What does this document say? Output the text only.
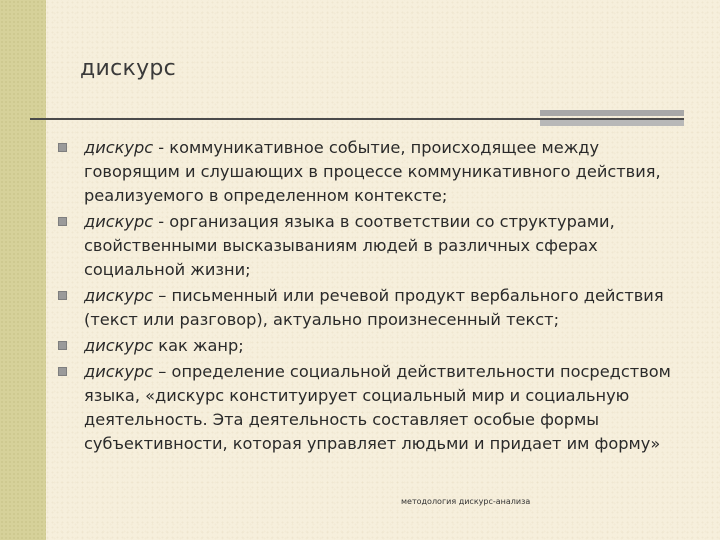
дискурс
дискурс - коммуникативное событие, происходящее между говорящим и слушающих в процессе коммуникативного действия, реализуемого в определенном контексте;
дискурс - организация языка в соответствии со структурами, свойственными высказываниям людей в различных сферах социальной жизни;
дискурс – письменный или речевой продукт вербального действия (текст или разговор), актуально произнесенный текст;
дискурс как жанр;
дискурс – определение социальной действительности посредством языка, «дискурс конституирует социальный мир и социальную деятельность. Эта деятельность составляет особые формы субъективности, которая управляет людьми и придает им форму»
методология дискурс-анализа
